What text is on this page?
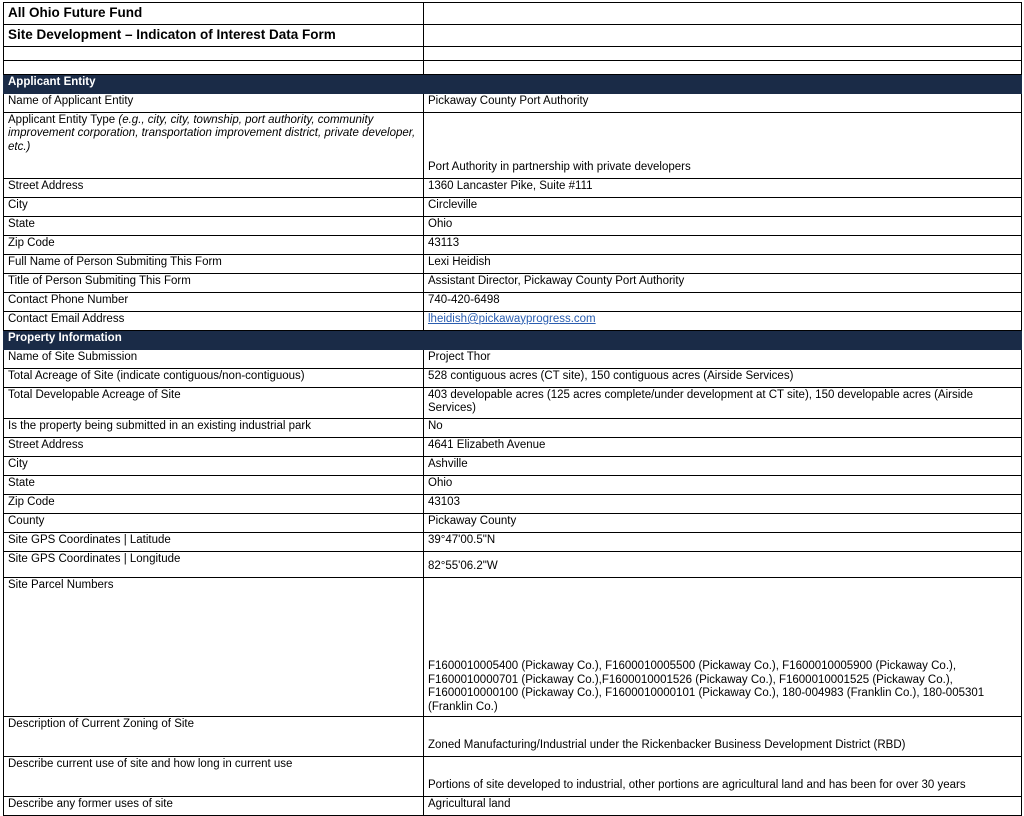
All Ohio Future Fund	
Site Development – Indicaton of Interest Data Form	

Applicant Entity	
Name of Applicant Entity	Pickaway County Port Authority
Applicant Entity Type (e.g., city, city, township, port authority, community improvement corporation, transportation improvement district, private developer, etc.)	Port Authority in partnership with private developers
Street Address	1360 Lancaster Pike, Suite #111
City	Circleville
State	Ohio
Zip Code	43113
Full Name of Person Submiting This Form	Lexi Heidish
Title of Person Submiting This Form	Assistant Director, Pickaway County Port Authority
Contact Phone Number	740-420-6498
Contact Email Address	lheidish@pickawayprogress.com
Property Information	
Name of Site Submission	Project Thor
Total Acreage of Site (indicate contiguous/non-contiguous)	528 contiguous acres (CT site), 150 contiguous acres (Airside Services)
Total Developable Acreage of Site	403 developable acres (125 acres complete/under development at CT site), 150 developable acres (Airside Services)
Is the property being submitted in an existing industrial park	No
Street Address	4641 Elizabeth Avenue
City	Ashville
State	Ohio
Zip Code	43103
County	Pickaway County
Site GPS Coordinates | Latitude	39°47'00.5"N
Site GPS Coordinates | Longitude	82°55'06.2"W
Site Parcel Numbers	F1600010005400 (Pickaway Co.), F1600010005500 (Pickaway Co.), F1600010005900 (Pickaway Co.), F1600010000701 (Pickaway Co.),F1600010001526 (Pickaway Co.), F1600010001525 (Pickaway Co.), F1600010000100 (Pickaway Co.), F1600010000101 (Pickaway Co.), 180-004983 (Franklin Co.), 180-005301 (Franklin Co.)
Description of Current Zoning of Site	Zoned Manufacturing/Industrial under the Rickenbacker Business Development District (RBD)
Describe current use of site and how long in current use	Portions of site developed to industrial, other portions are agricultural land and has been for over 30 years
Describe any former uses of site	Agricultural land
